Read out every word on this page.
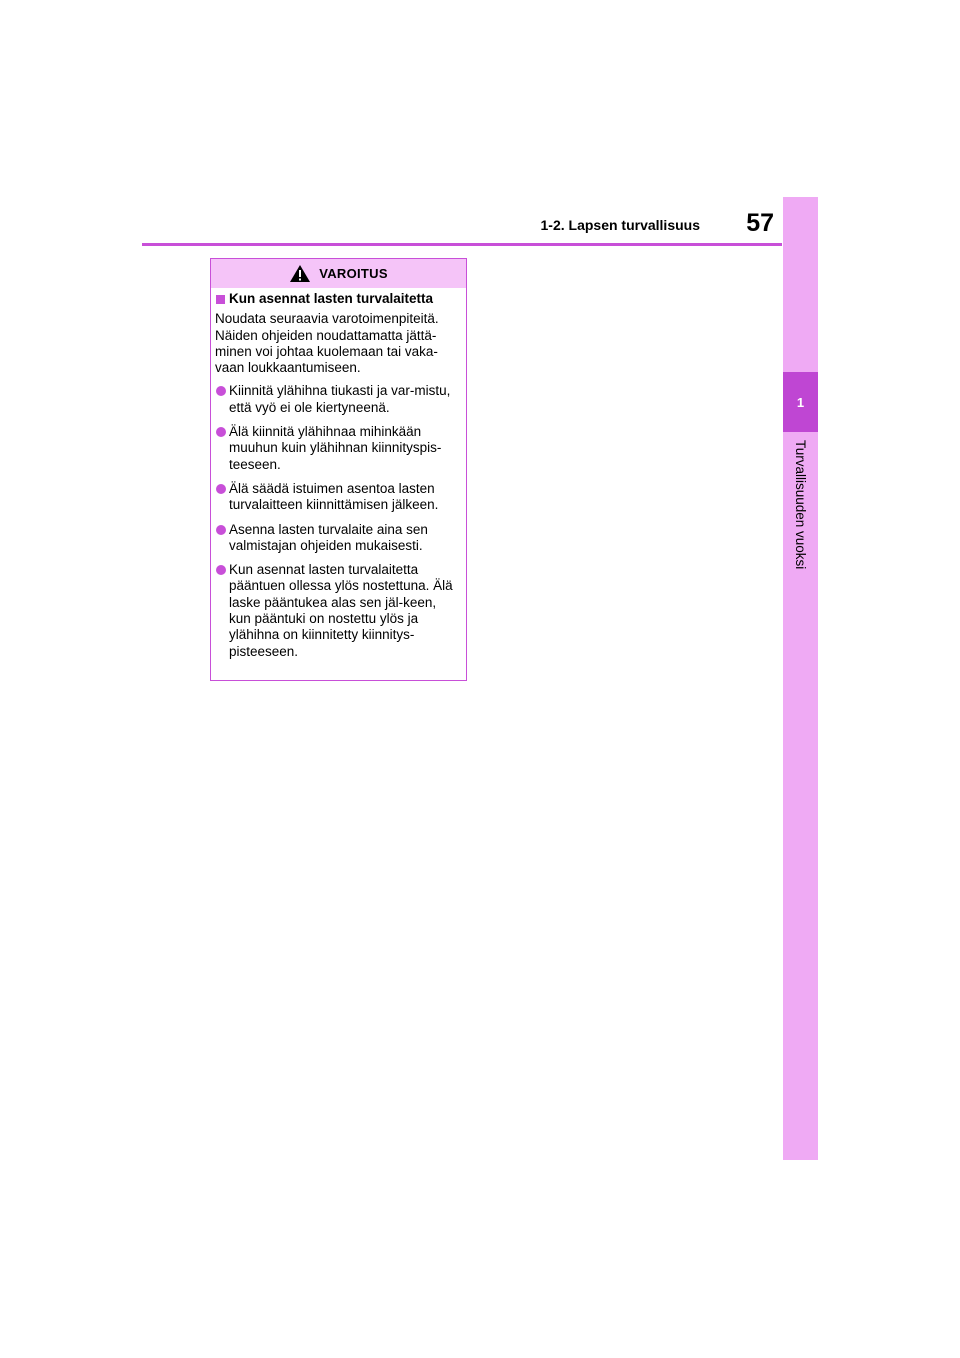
1-2. Lapsen turvallisuus	57
1
Turvallisuuden vuoksi
VAROITUS
Kun asennat lasten turvalaitetta

Noudata seuraavia varotoimenpiteitä. Näiden ohjeiden noudattamatta jättä-minen voi johtaa kuolemaan tai vaka-vaan loukkaantumiseen.

Kiinnitä ylähihna tiukasti ja var-mistu, että vyö ei ole kiertyneenä.
Älä kiinnitä ylähihnaa mihinkään muuhun kuin ylähihnan kiinnityspis-teeseen.
Älä säädä istuimen asentoa lasten turvalaitteen kiinnittämisen jälkeen.
Asenna lasten turvalaite aina sen valmistajan ohjeiden mukaisesti.
Kun asennat lasten turvalaitetta pääntuen ollessa ylös nostettuna. Älä laske pääntukea alas sen jäl-keen, kun pääntuki on nostettu ylös ja ylähihna on kiinnitetty kiinnitys-pisteeseen.
